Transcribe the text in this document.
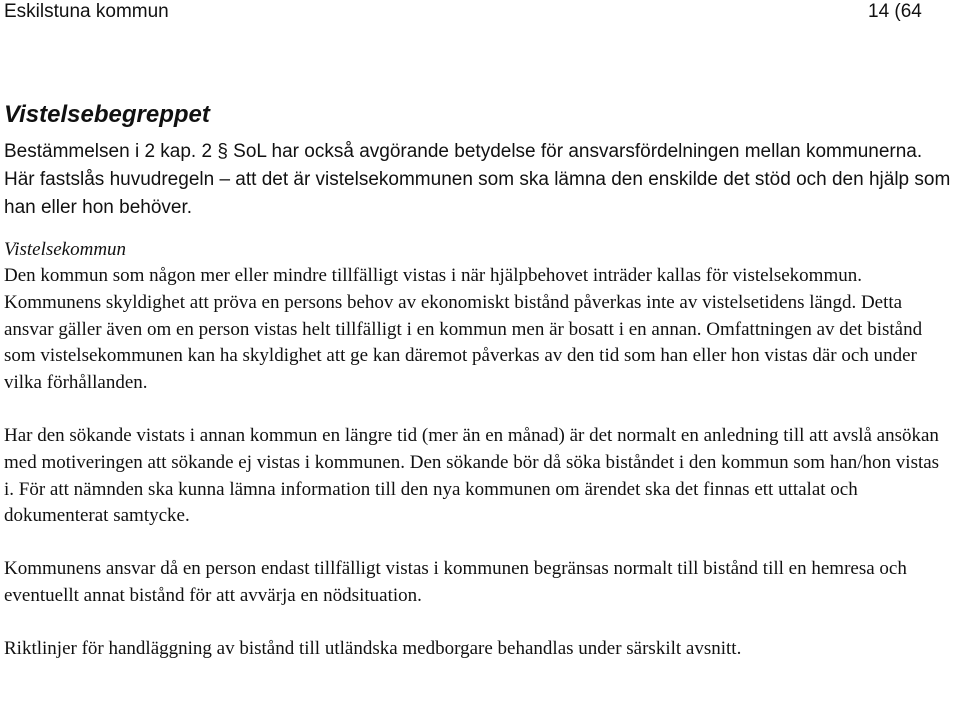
Eskilstuna kommun	14 (64
Vistelsebegreppet

Bestämmelsen i 2 kap. 2 § SoL har också avgörande betydelse för ansvarsfördelningen mellan kommunerna. Här fastslås huvudregeln – att det är vistelsekommunen som ska lämna den enskilde det stöd och den hjälp som han eller hon behöver.

Vistelsekommun

Den kommun som någon mer eller mindre tillfälligt vistas i när hjälpbehovet inträder kallas för vistelsekommun. Kommunens skyldighet att pröva en persons behov av ekonomiskt bistånd påverkas inte av vistelsetidens längd. Detta ansvar gäller även om en person vistas helt tillfälligt i en kommun men är bosatt i en annan. Omfattningen av det bistånd som vistelsekommunen kan ha skyldighet att ge kan däremot påverkas av den tid som han eller hon vistas där och under vilka förhållanden.

Har den sökande vistats i annan kommun en längre tid (mer än en månad) är det normalt en anledning till att avslå ansökan med motiveringen att sökande ej vistas i kommunen. Den sökande bör då söka biståndet i den kommun som han/hon vistas i. För att nämnden ska kunna lämna information till den nya kommunen om ärendet ska det finnas ett uttalat och dokumenterat samtycke.

Kommunens ansvar då en person endast tillfälligt vistas i kommunen begränsas normalt till bistånd till en hemresa och eventuellt annat bistånd för att avvärja en nödsituation.

Riktlinjer för handläggning av bistånd till utländska medborgare behandlas under särskilt avsnitt.
